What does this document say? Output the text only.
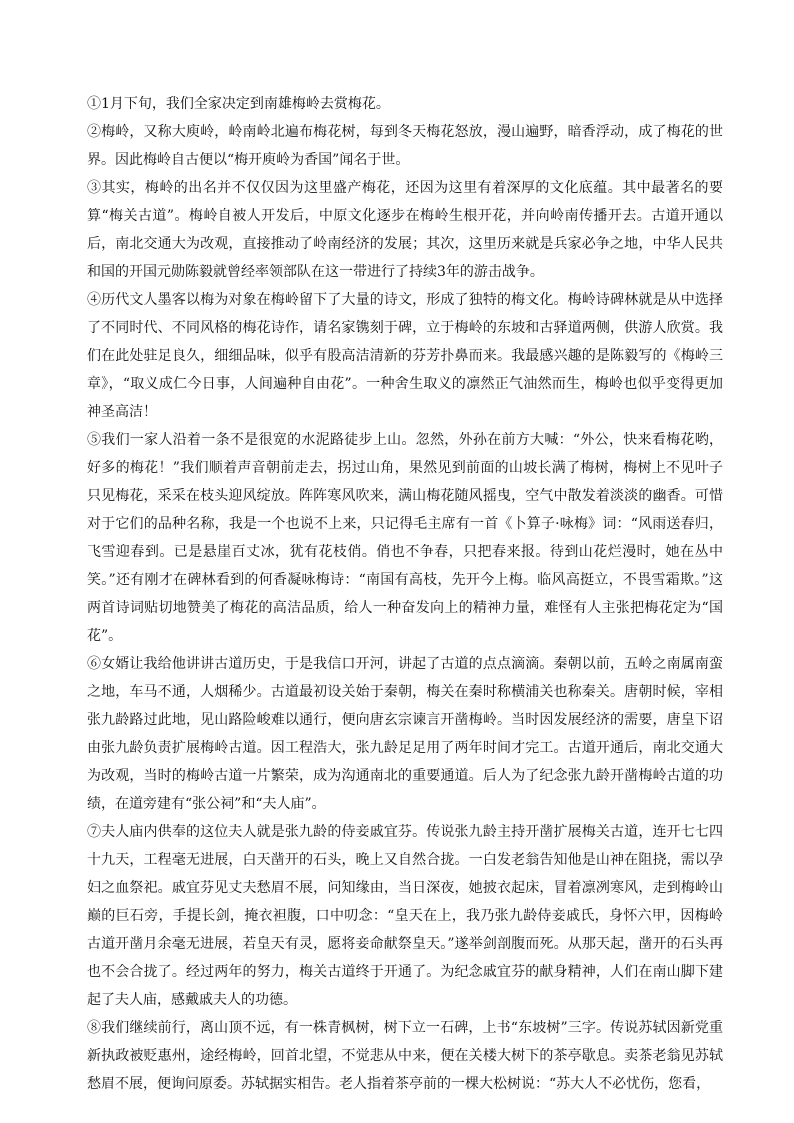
①1月下旬，我们全家决定到南雄梅岭去赏梅花。

②梅岭，又称大庾岭，岭南岭北遍布梅花树，每到冬天梅花怒放，漫山遍野，暗香浮动，成了梅花的世界。因此梅岭自古便以“梅开庾岭为香国”闻名于世。

③其实，梅岭的出名并不仅仅因为这里盛产梅花，还因为这里有着深厚的文化底蕴。其中最著名的要算“梅关古道”。梅岭自被人开发后，中原文化逐步在梅岭生根开花，并向岭南传播开去。古道开通以后，南北交通大为改观，直接推动了岭南经济的发展；其次，这里历来就是兵家必争之地，中华人民共和国的开国元勋陈毅就曾经率领部队在这一带进行了持续3年的游击战争。

④历代文人墨客以梅为对象在梅岭留下了大量的诗文，形成了独特的梅文化。梅岭诗碑林就是从中选择了不同时代、不同风格的梅花诗作，请名家镌刻于碑，立于梅岭的东坡和古驿道两侧，供游人欣赏。我们在此处驻足良久，细细品味，似乎有股高洁清新的芬芳扑鼻而来。我最感兴趣的是陈毅写的《梅岭三章》，“取义成仁今日事，人间遍种自由花”。一种舍生取义的凛然正气油然而生，梅岭也似乎变得更加神圣高洁！

⑤我们一家人沿着一条不是很宽的水泥路徒步上山。忽然，外孙在前方大喊：“外公，快来看梅花哟，好多的梅花！”我们顺着声音朝前走去，拐过山角，果然见到前面的山坡长满了梅树，梅树上不见叶子只见梅花，采采在枝头迎风绽放。阵阵寒风吹来，满山梅花随风摇曳，空气中散发着淡淡的幽香。可惜对于它们的品种名称，我是一个也说不上来，只记得毛主席有一首《卜算子·咏梅》词：“风雨送春归，飞雪迎春到。已是悬崖百丈冰，犹有花枝俏。俏也不争春，只把春来报。待到山花烂漫时，她在丛中笑。”还有刚才在碑林看到的何香凝咏梅诗：“南国有高枝，先开今上梅。临风高挺立，不畏雪霜欺。”这两首诗词贴切地赞美了梅花的高洁品质，给人一种奋发向上的精神力量，难怪有人主张把梅花定为“国花”。

⑥女婿让我给他讲讲古道历史，于是我信口开河，讲起了古道的点点滴滴。秦朝以前，五岭之南属南蛮之地，车马不通，人烟稀少。古道最初设关始于秦朝，梅关在秦时称横浦关也称秦关。唐朝时候，宰相张九龄路过此地，见山路险峻难以通行，便向唐玄宗谏言开凿梅岭。当时因发展经济的需要，唐皇下诏由张九龄负责扩展梅岭古道。因工程浩大，张九龄足足用了两年时间才完工。古道开通后，南北交通大为改观，当时的梅岭古道一片繁荣，成为沟通南北的重要通道。后人为了纪念张九龄开凿梅岭古道的功绩，在道旁建有“张公祠”和“夫人庙”。

⑦夫人庙内供奉的这位夫人就是张九龄的侍妾戚宜芬。传说张九龄主持开凿扩展梅关古道，连开七七四十九天，工程毫无进展，白天凿开的石头，晚上又自然合拢。一白发老翁告知他是山神在阻挠，需以孕妇之血祭祀。戚宜芬见丈夫愁眉不展，问知缘由，当日深夜，她披衣起床，冒着凛冽寒风，走到梅岭山巅的巨石旁，手提长剑，掩衣袒腹，口中叨念：“皇天在上，我乃张九龄侍妾戚氏，身怀六甲，因梅岭古道开凿月余毫无进展，若皇天有灵，愿将妾命献祭皇天。”遂举剑剖腹而死。从那天起，凿开的石头再也不会合拢了。经过两年的努力，梅关古道终于开通了。为纪念戚宜芬的献身精神，人们在南山脚下建起了夫人庙，感戴戚夫人的功德。

⑧我们继续前行，离山顶不远，有一株青枫树，树下立一石碑，上书“东坡树”三字。传说苏轼因新党重新执政被贬惠州，途经梅岭，回首北望，不觉悲从中来，便在关楼大树下的茶亭歇息。卖茶老翁见苏轼愁眉不展，便询问原委。苏轼据实相告。老人指着茶亭前的一棵大松树说：“苏大人不必忧伤，您看，
